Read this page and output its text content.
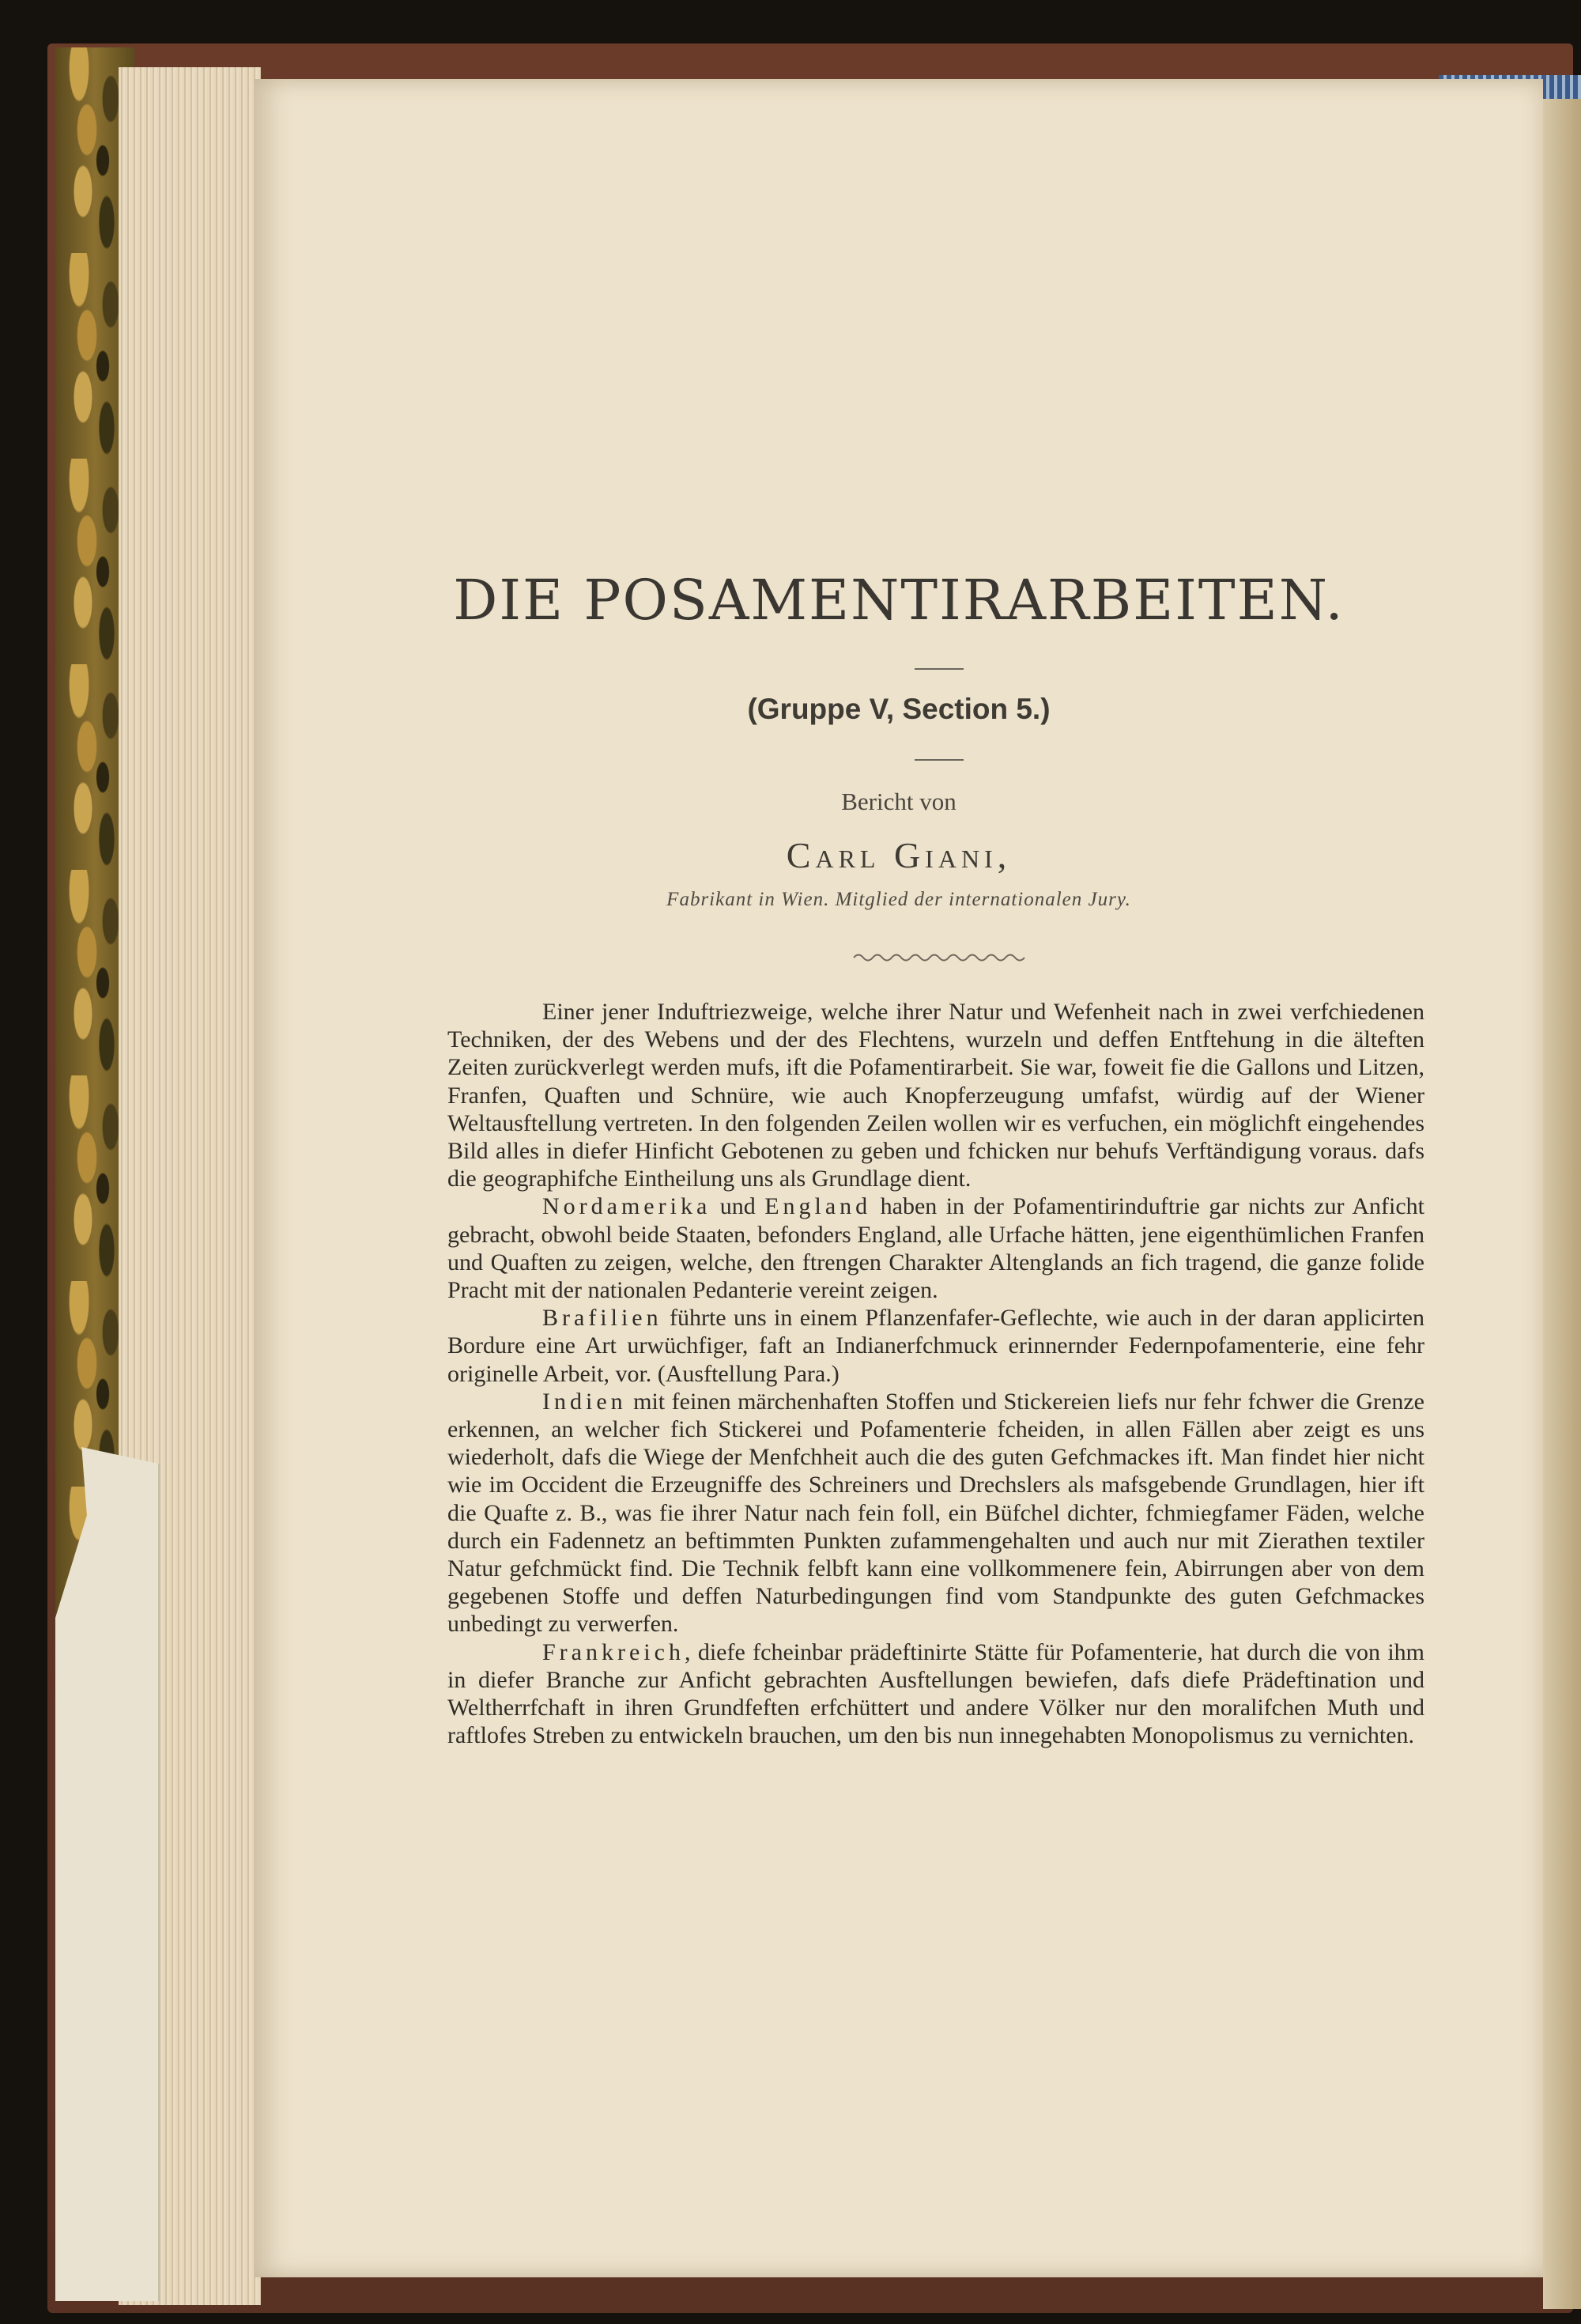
DIE POSAMENTIRARBEITEN.
(Gruppe V, Section 5.)
Bericht von
Carl Giani,
Fabrikant in Wien. Mitglied der internationalen Jury.

Einer jener Induftriezweige, welche ihrer Natur und Wefenheit nach in zwei verfchiedenen Techniken, der des Webens und der des Flechtens, wurzeln und deffen Entftehung in die älteften Zeiten zurückverlegt werden mufs, ift die Pofamentirarbeit. Sie war, foweit fie die Gallons und Litzen, Franfen, Quaften und Schnüre, wie auch Knopferzeugung umfafst, würdig auf der Wiener Weltausftellung vertreten. In den folgenden Zeilen wollen wir es verfuchen, ein möglichft eingehendes Bild alles in diefer Hinficht Gebotenen zu geben und fchicken nur behufs Verftändigung voraus. dafs die geographifche Eintheilung uns als Grundlage dient.

Nordamerika und England haben in der Pofamentirinduftrie gar nichts zur Anficht gebracht, obwohl beide Staaten, befonders England, alle Urfache hätten, jene eigenthümlichen Franfen und Quaften zu zeigen, welche, den ftrengen Charakter Altenglands an fich tragend, die ganze folide Pracht mit der nationalen Pedanterie vereint zeigen.

Brafilien führte uns in einem Pflanzenfafer-Geflechte, wie auch in der daran applicirten Bordure eine Art urwüchfiger, faft an Indianerfchmuck erinnernder Federnpofamenterie, eine fehr originelle Arbeit, vor. (Ausftellung Para.)

Indien mit feinen märchenhaften Stoffen und Stickereien liefs nur fehr fchwer die Grenze erkennen, an welcher fich Stickerei und Pofamenterie fcheiden, in allen Fällen aber zeigt es uns wiederholt, dafs die Wiege der Menfchheit auch die des guten Gefchmackes ift. Man findet hier nicht wie im Occident die Erzeugniffe des Schreiners und Drechslers als mafsgebende Grundlagen, hier ift die Quafte z. B., was fie ihrer Natur nach fein foll, ein Büfchel dichter, fchmiegfamer Fäden, welche durch ein Fadennetz an beftimmten Punkten zufammengehalten und auch nur mit Zierathen textiler Natur gefchmückt find. Die Technik felbft kann eine vollkommenere fein, Abirrungen aber von dem gegebenen Stoffe und deffen Naturbedingungen find vom Standpunkte des guten Gefchmackes unbedingt zu verwerfen.

Frankreich, diefe fcheinbar prädeftinirte Stätte für Pofamenterie, hat durch die von ihm in diefer Branche zur Anficht gebrachten Ausftellungen bewiefen, dafs diefe Prädeftination und Weltherrfchaft in ihren Grundfeften erfchüttert und andere Völker nur den moralifchen Muth und raftlofes Streben zu entwickeln brauchen, um den bis nun innegehabten Monopolismus zu vernichten.
